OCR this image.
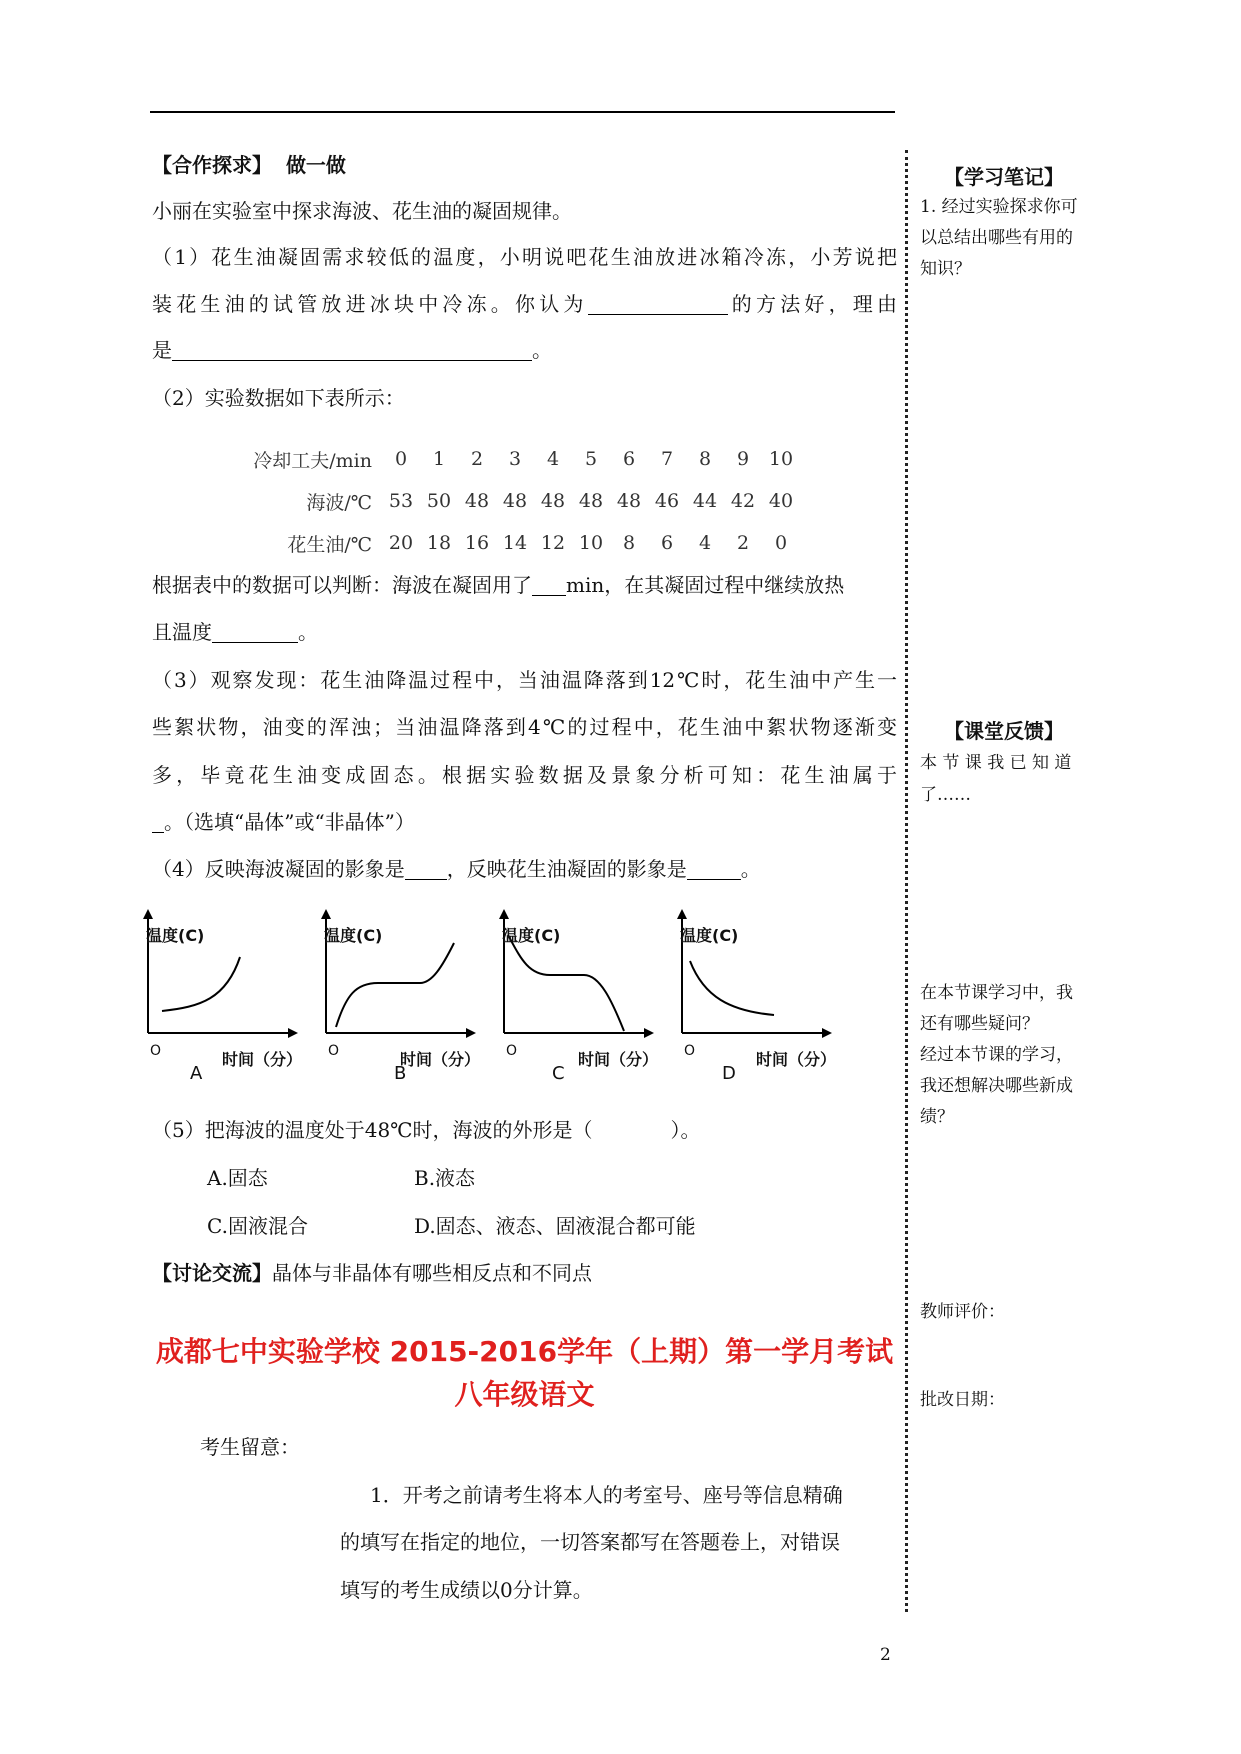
【合作探求】 做一做
小丽在实验室中探求海波、花生油的凝固规律。
（1）花生油凝固需求较低的温度，小明说吧花生油放进冰箱冷冻，小芳说把
装花生油的试管放进冰块中冷冻。你认为	的方法好，理由
是	。
（2）实验数据如下表所示：
冷却工夫/min	0	1	2	3	4	5	6	7	8	9	10
海波/℃	53	50	48	48	48	48	48	46	44	42	40
花生油/℃	20	18	16	14	12	10	8	6	4	2	0
根据表中的数据可以判断：海波在凝固用了 min，在其凝固过程中继续放热
且温度	。
（3）观察发现：花生油降温过程中，当油温降落到12℃时，花生油中产生一
些絮状物，油变的浑浊；当油温降落到4℃的过程中，花生油中絮状物逐渐变
多，毕竟花生油变成固态。根据实验数据及景象分析可知：花生油属于
。（选填“晶体”或“非晶体”）
（4）反映海波凝固的影象是 ，反映花生油凝固的影象是	。
（5）把海波的温度处于48℃时，海波的外形是（	）。
A.固态	B.液态
C.固液混合	D.固态、液态、固液混合都可能
【讨论交流】晶体与非晶体有哪些相反点和不同点
成都七中实验学校 2015-2016学年（上期）第一学月考试
八年级语文
考生留意：
1．开考之前请考生将本人的考室号、座号等信息精确
的填写在指定的地位，一切答案都写在答题卷上，对错误
填写的考生成绩以0分计算。
温度(C)
O	时间（分）
A
温度(C)
O	时间（分）
B
温度(C)
O	时间（分）
C
温度(C)
O	时间（分）
D
【学习笔记】
1. 经过实验探求你可
以总结出哪些有用的
知识？
【课堂反馈】
本 节 课 我 已 知 道
了……
在本节课学习中，我
还有哪些疑问？
经过本节课的学习，
我还想解决哪些新成
绩？
教师评价：
批改日期：
2
